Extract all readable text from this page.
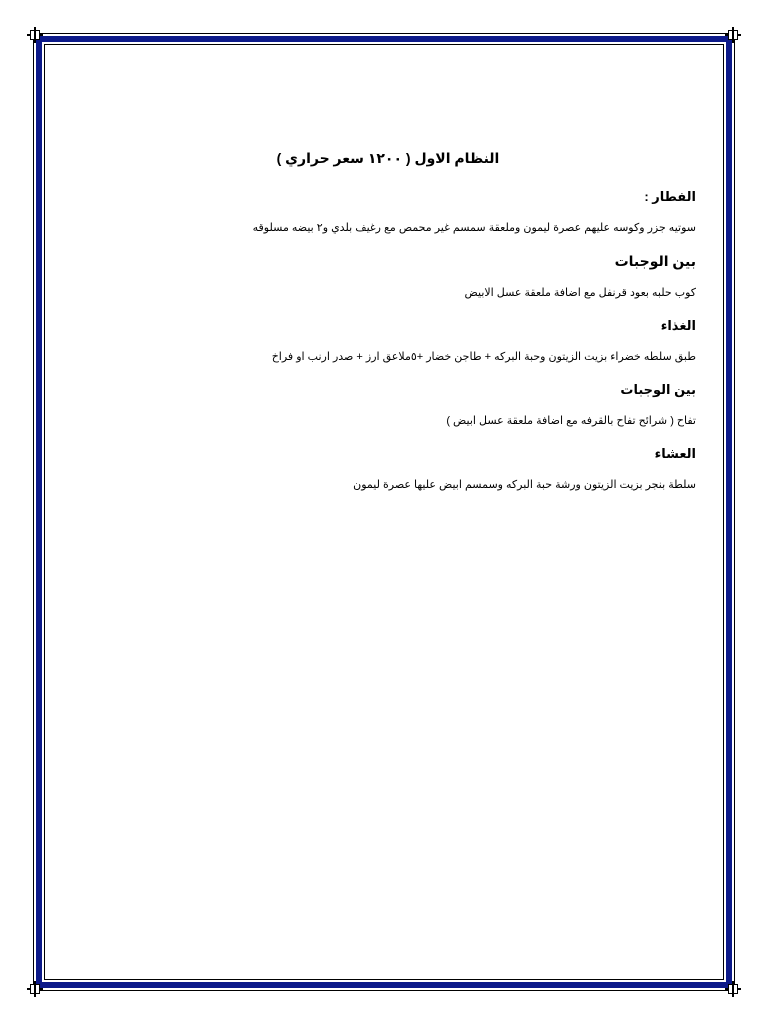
النظام الاول ( ١٢٠٠ سعر حراري )
الفطار :
سوتيه جزر وكوسه عليهم عصرة ليمون وملعقة سمسم غير محمص مع رغيف بلدي و٢ بيضه مسلوقه
بين الوجبات
كوب حلبه بعود قرنفل مع اضافة ملعقة عسل الابيض
الغذاء
طبق سلطه خضراء بزيت الزيتون وحبة البركه + طاجن خضار +٥ملاعق ارز + صدر ارنب او فراخ
بين الوجبات
تفاح ( شرائح تفاح بالقرفه مع اضافة ملعقة عسل ابيض )
العشاء
سلطة بنجر بزيت الزيتون ورشة حبة البركه وسمسم ابيض عليها عصرة ليمون
